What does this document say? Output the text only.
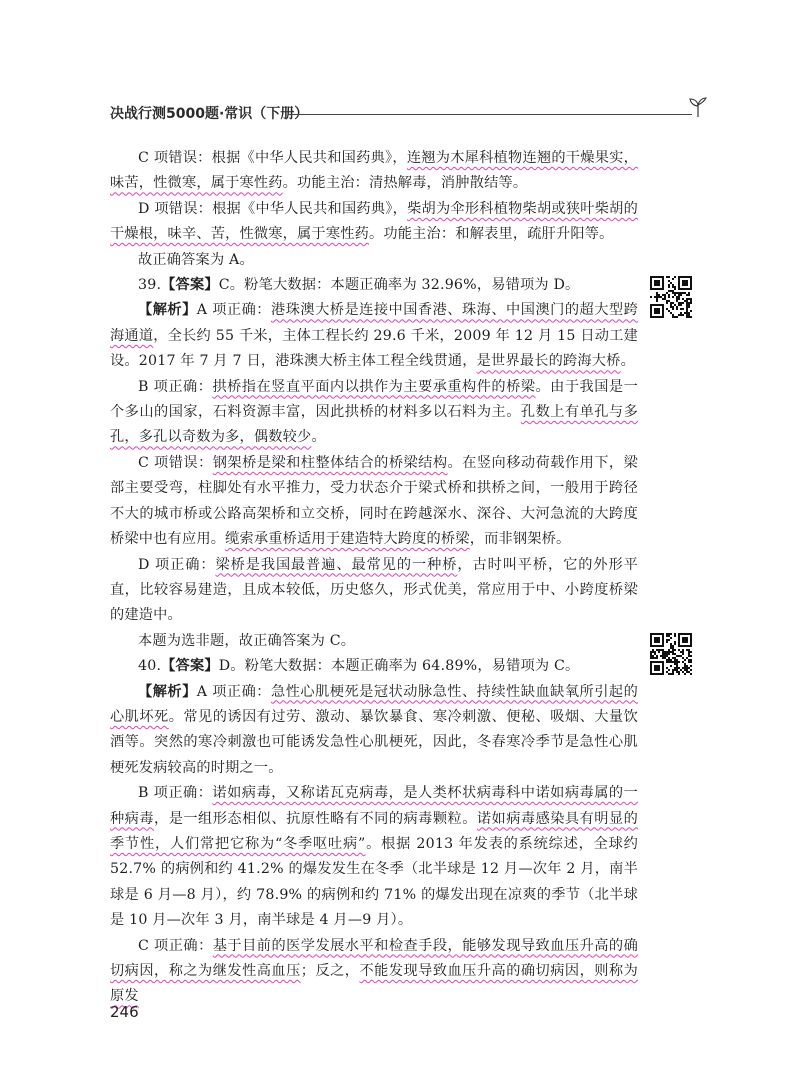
决战行测5000题·常识（下册）

C 项错误：根据《中华人民共和国药典》，连翘为木犀科植物连翘的干燥果实，味苦，性微寒，属于寒性药。功能主治：清热解毒，消肿散结等。

D 项错误：根据《中华人民共和国药典》，柴胡为伞形科植物柴胡或狭叶柴胡的干燥根，味辛、苦，性微寒，属于寒性药。功能主治：和解表里，疏肝升阳等。

故正确答案为 A。

39.【答案】C。粉笔大数据：本题正确率为 32.96%，易错项为 D。

【解析】A 项正确：港珠澳大桥是连接中国香港、珠海、中国澳门的超大型跨海通道，全长约 55 千米，主体工程长约 29.6 千米，2009 年 12 月 15 日动工建设。2017 年 7 月 7 日，港珠澳大桥主体工程全线贯通，是世界最长的跨海大桥。

B 项正确：拱桥指在竖直平面内以拱作为主要承重构件的桥梁。由于我国是一个多山的国家，石料资源丰富，因此拱桥的材料多以石料为主。孔数上有单孔与多孔，多孔以奇数为多，偶数较少。

C 项错误：钢架桥是梁和柱整体结合的桥梁结构。在竖向移动荷载作用下，梁部主要受弯，柱脚处有水平推力，受力状态介于梁式桥和拱桥之间，一般用于跨径不大的城市桥或公路高架桥和立交桥，同时在跨越深水、深谷、大河急流的大跨度桥梁中也有应用。缆索承重桥适用于建造特大跨度的桥梁，而非钢架桥。

D 项正确：梁桥是我国最普遍、最常见的一种桥，古时叫平桥，它的外形平直，比较容易建造，且成本较低，历史悠久，形式优美，常应用于中、小跨度桥梁的建造中。

本题为选非题，故正确答案为 C。

40.【答案】D。粉笔大数据：本题正确率为 64.89%，易错项为 C。

【解析】A 项正确：急性心肌梗死是冠状动脉急性、持续性缺血缺氧所引起的心肌坏死。常见的诱因有过劳、激动、暴饮暴食、寒冷刺激、便秘、吸烟、大量饮酒等。突然的寒冷刺激也可能诱发急性心肌梗死，因此，冬春寒冷季节是急性心肌梗死发病较高的时期之一。

B 项正确：诺如病毒，又称诺瓦克病毒，是人类杯状病毒科中诺如病毒属的一种病毒，是一组形态相似、抗原性略有不同的病毒颗粒。诺如病毒感染具有明显的季节性，人们常把它称为“冬季呕吐病”。根据 2013 年发表的系统综述，全球约 52.7% 的病例和约 41.2% 的爆发发生在冬季（北半球是 12 月—次年 2 月，南半球是 6 月—8 月），约 78.9% 的病例和约 71% 的爆发出现在凉爽的季节（北半球是 10 月—次年 3 月，南半球是 4 月—9 月）。

C 项正确：基于目前的医学发展水平和检查手段，能够发现导致血压升高的确切病因，称之为继发性高血压；反之，不能发现导致血压升高的确切病因，则称为原发

246
